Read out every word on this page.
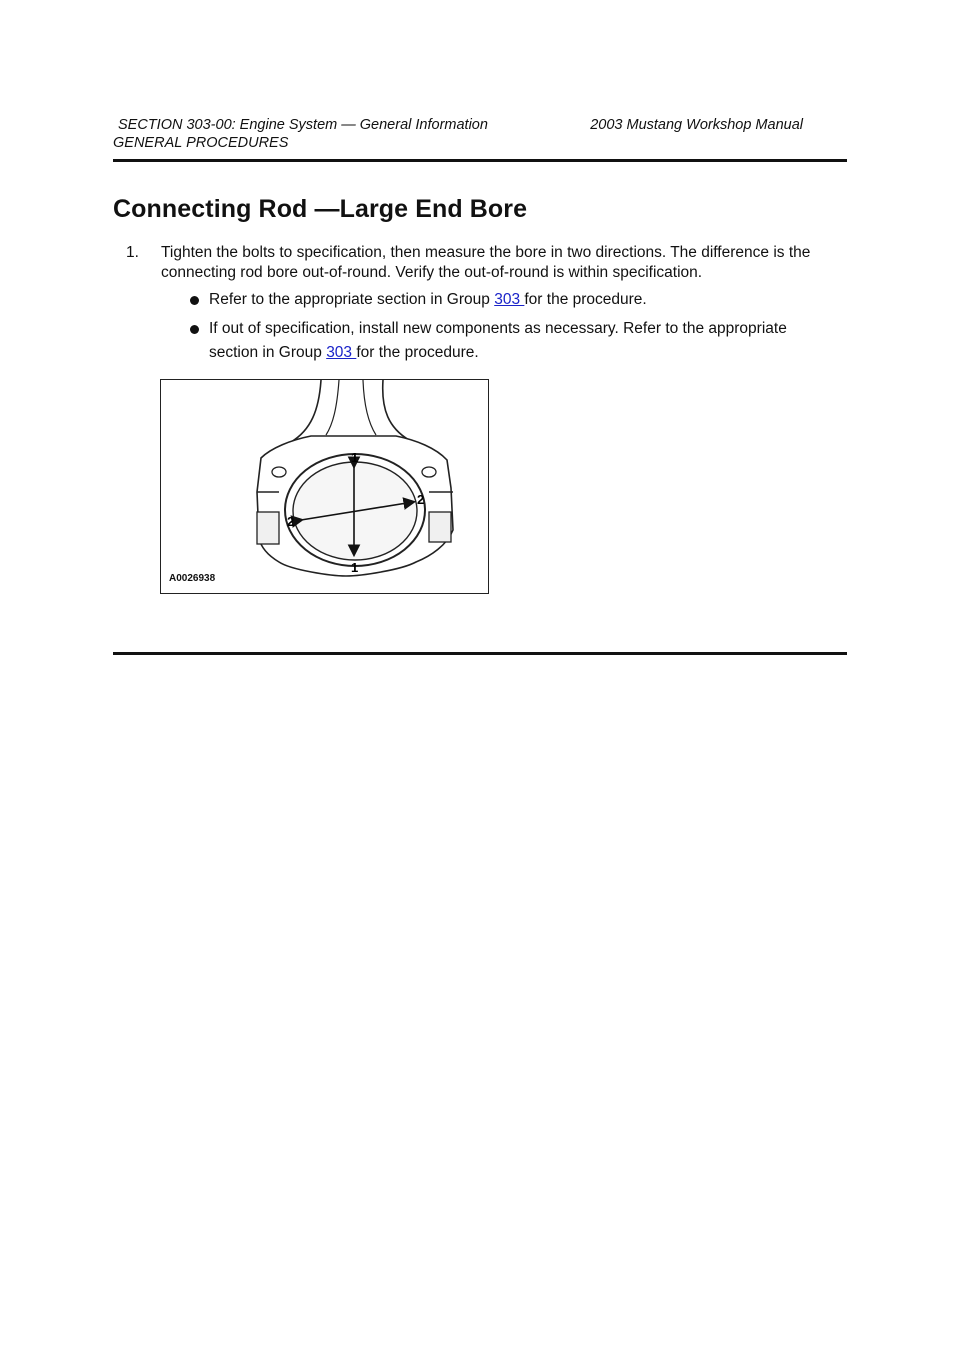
SECTION 303-00: Engine System — General Information	2003 Mustang Workshop Manual
GENERAL PROCEDURES
Connecting Rod —Large End Bore
1. Tighten the bolts to specification, then measure the bore in two directions. The difference is the connecting rod bore out-of-round. Verify the out-of-round is within specification.
Refer to the appropriate section in Group 303 for the procedure.
If out of specification, install new components as necessary. Refer to the appropriate section in Group 303 for the procedure.
1
1
2
2
A0026938
